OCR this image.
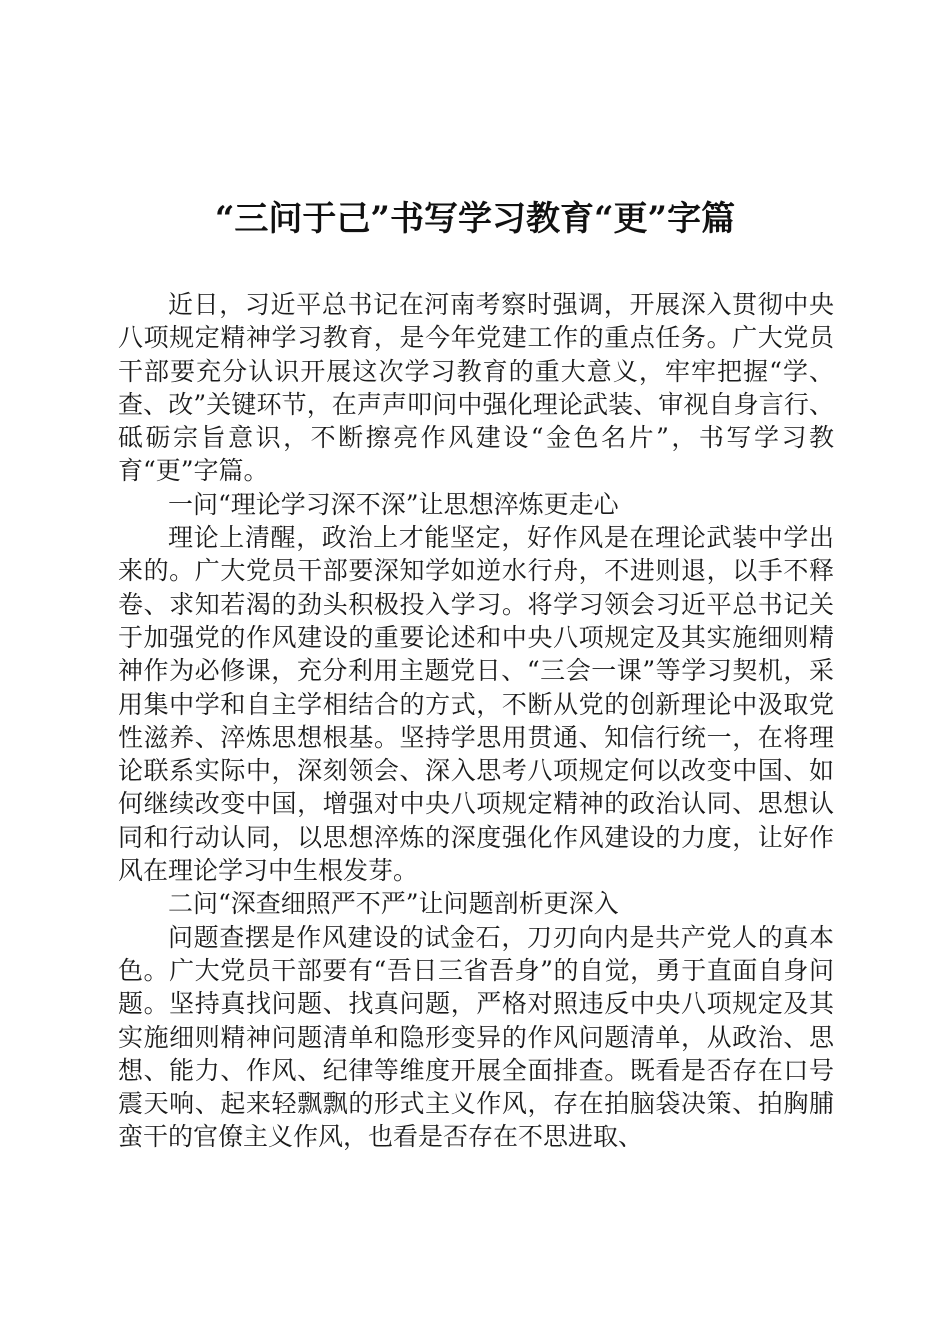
“三问于己”书写学习教育“更”字篇

近日，习近平总书记在河南考察时强调，开展深入贯彻中央八项规定精神学习教育，是今年党建工作的重点任务。广大党员干部要充分认识开展这次学习教育的重大意义，牢牢把握“学、查、改”关键环节，在声声叩问中强化理论武装、审视自身言行、砥砺宗旨意识，不断擦亮作风建设“金色名片”，书写学习教育“更”字篇。

一问“理论学习深不深”让思想淬炼更走心

理论上清醒，政治上才能坚定，好作风是在理论武装中学出来的。广大党员干部要深知学如逆水行舟，不进则退，以手不释卷、求知若渴的劲头积极投入学习。将学习领会习近平总书记关于加强党的作风建设的重要论述和中央八项规定及其实施细则精神作为必修课，充分利用主题党日、“三会一课”等学习契机，采用集中学和自主学相结合的方式，不断从党的创新理论中汲取党性滋养、淬炼思想根基。坚持学思用贯通、知信行统一，在将理论联系实际中，深刻领会、深入思考八项规定何以改变中国、如何继续改变中国，增强对中央八项规定精神的政治认同、思想认同和行动认同，以思想淬炼的深度强化作风建设的力度，让好作风在理论学习中生根发芽。

二问“深查细照严不严”让问题剖析更深入

问题查摆是作风建设的试金石，刀刃向内是共产党人的真本色。广大党员干部要有“吾日三省吾身”的自觉，勇于直面自身问题。坚持真找问题、找真问题，严格对照违反中央八项规定及其实施细则精神问题清单和隐形变异的作风问题清单，从政治、思想、能力、作风、纪律等维度开展全面排查。既看是否存在口号震天响、起来轻飘飘的形式主义作风，存在拍脑袋决策、拍胸脯蛮干的官僚主义作风，也看是否存在不思进取、
